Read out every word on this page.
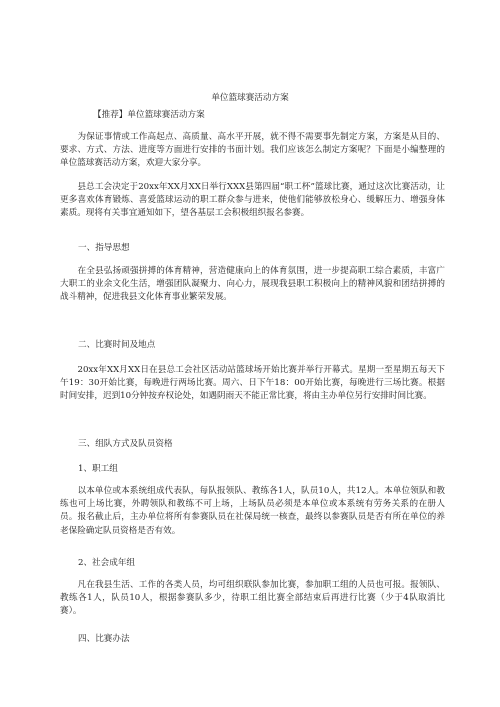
单位篮球赛活动方案
【推荐】单位篮球赛活动方案
为保证事情或工作高起点、高质量、高水平开展，就不得不需要事先制定方案，方案是从目的、要求、方式、方法、进度等方面进行安排的书面计划。我们应该怎么制定方案呢？下面是小编整理的单位篮球赛活动方案，欢迎大家分享。
县总工会决定于20xx年XX月XX日举行XXX县第四届“职工杯”篮球比赛，通过这次比赛活动，让更多喜欢体育锻炼、喜爱篮球运动的职工群众参与进来，使他们能够放松身心、缓解压力、增强身体素质。现将有关事宜通知如下，望各基层工会积极组织报名参赛。
一、指导思想
在全县弘扬顽强拼搏的体育精神，营造健康向上的体育氛围，进一步提高职工综合素质，丰富广大职工的业余文化生活，增强团队凝聚力、向心力，展现我县职工积极向上的精神风貌和团结拼搏的战斗精神，促进我县文化体育事业繁荣发展。
二、比赛时间及地点
20xx年XX月XX日在县总工会社区活动站篮球场开始比赛并举行开幕式。星期一至星期五每天下午19：30开始比赛，每晚进行两场比赛。周六、日下午18：00开始比赛，每晚进行三场比赛。根据时间安排，迟到10分钟按弃权论处，如遇阴雨天不能正常比赛，将由主办单位另行安排时间比赛。
三、组队方式及队员资格
1、职工组
以本单位或本系统组成代表队，每队报领队、教练各1人，队员10人，共12人。本单位领队和教练也可上场比赛，外聘领队和教练不可上场，上场队员必须是本单位或本系统有劳务关系的在册人员。报名截止后，主办单位将所有参赛队员在社保局统一核查，最终以参赛队员是否有所在单位的养老保险确定队员资格是否有效。
2、社会成年组
凡在我县生活、工作的各类人员，均可组织联队参加比赛，参加职工组的人员也可报。报领队、教练各1人，队员10人，根据参赛队多少，待职工组比赛全部结束后再进行比赛（少于4队取消比赛）。
四、比赛办法
